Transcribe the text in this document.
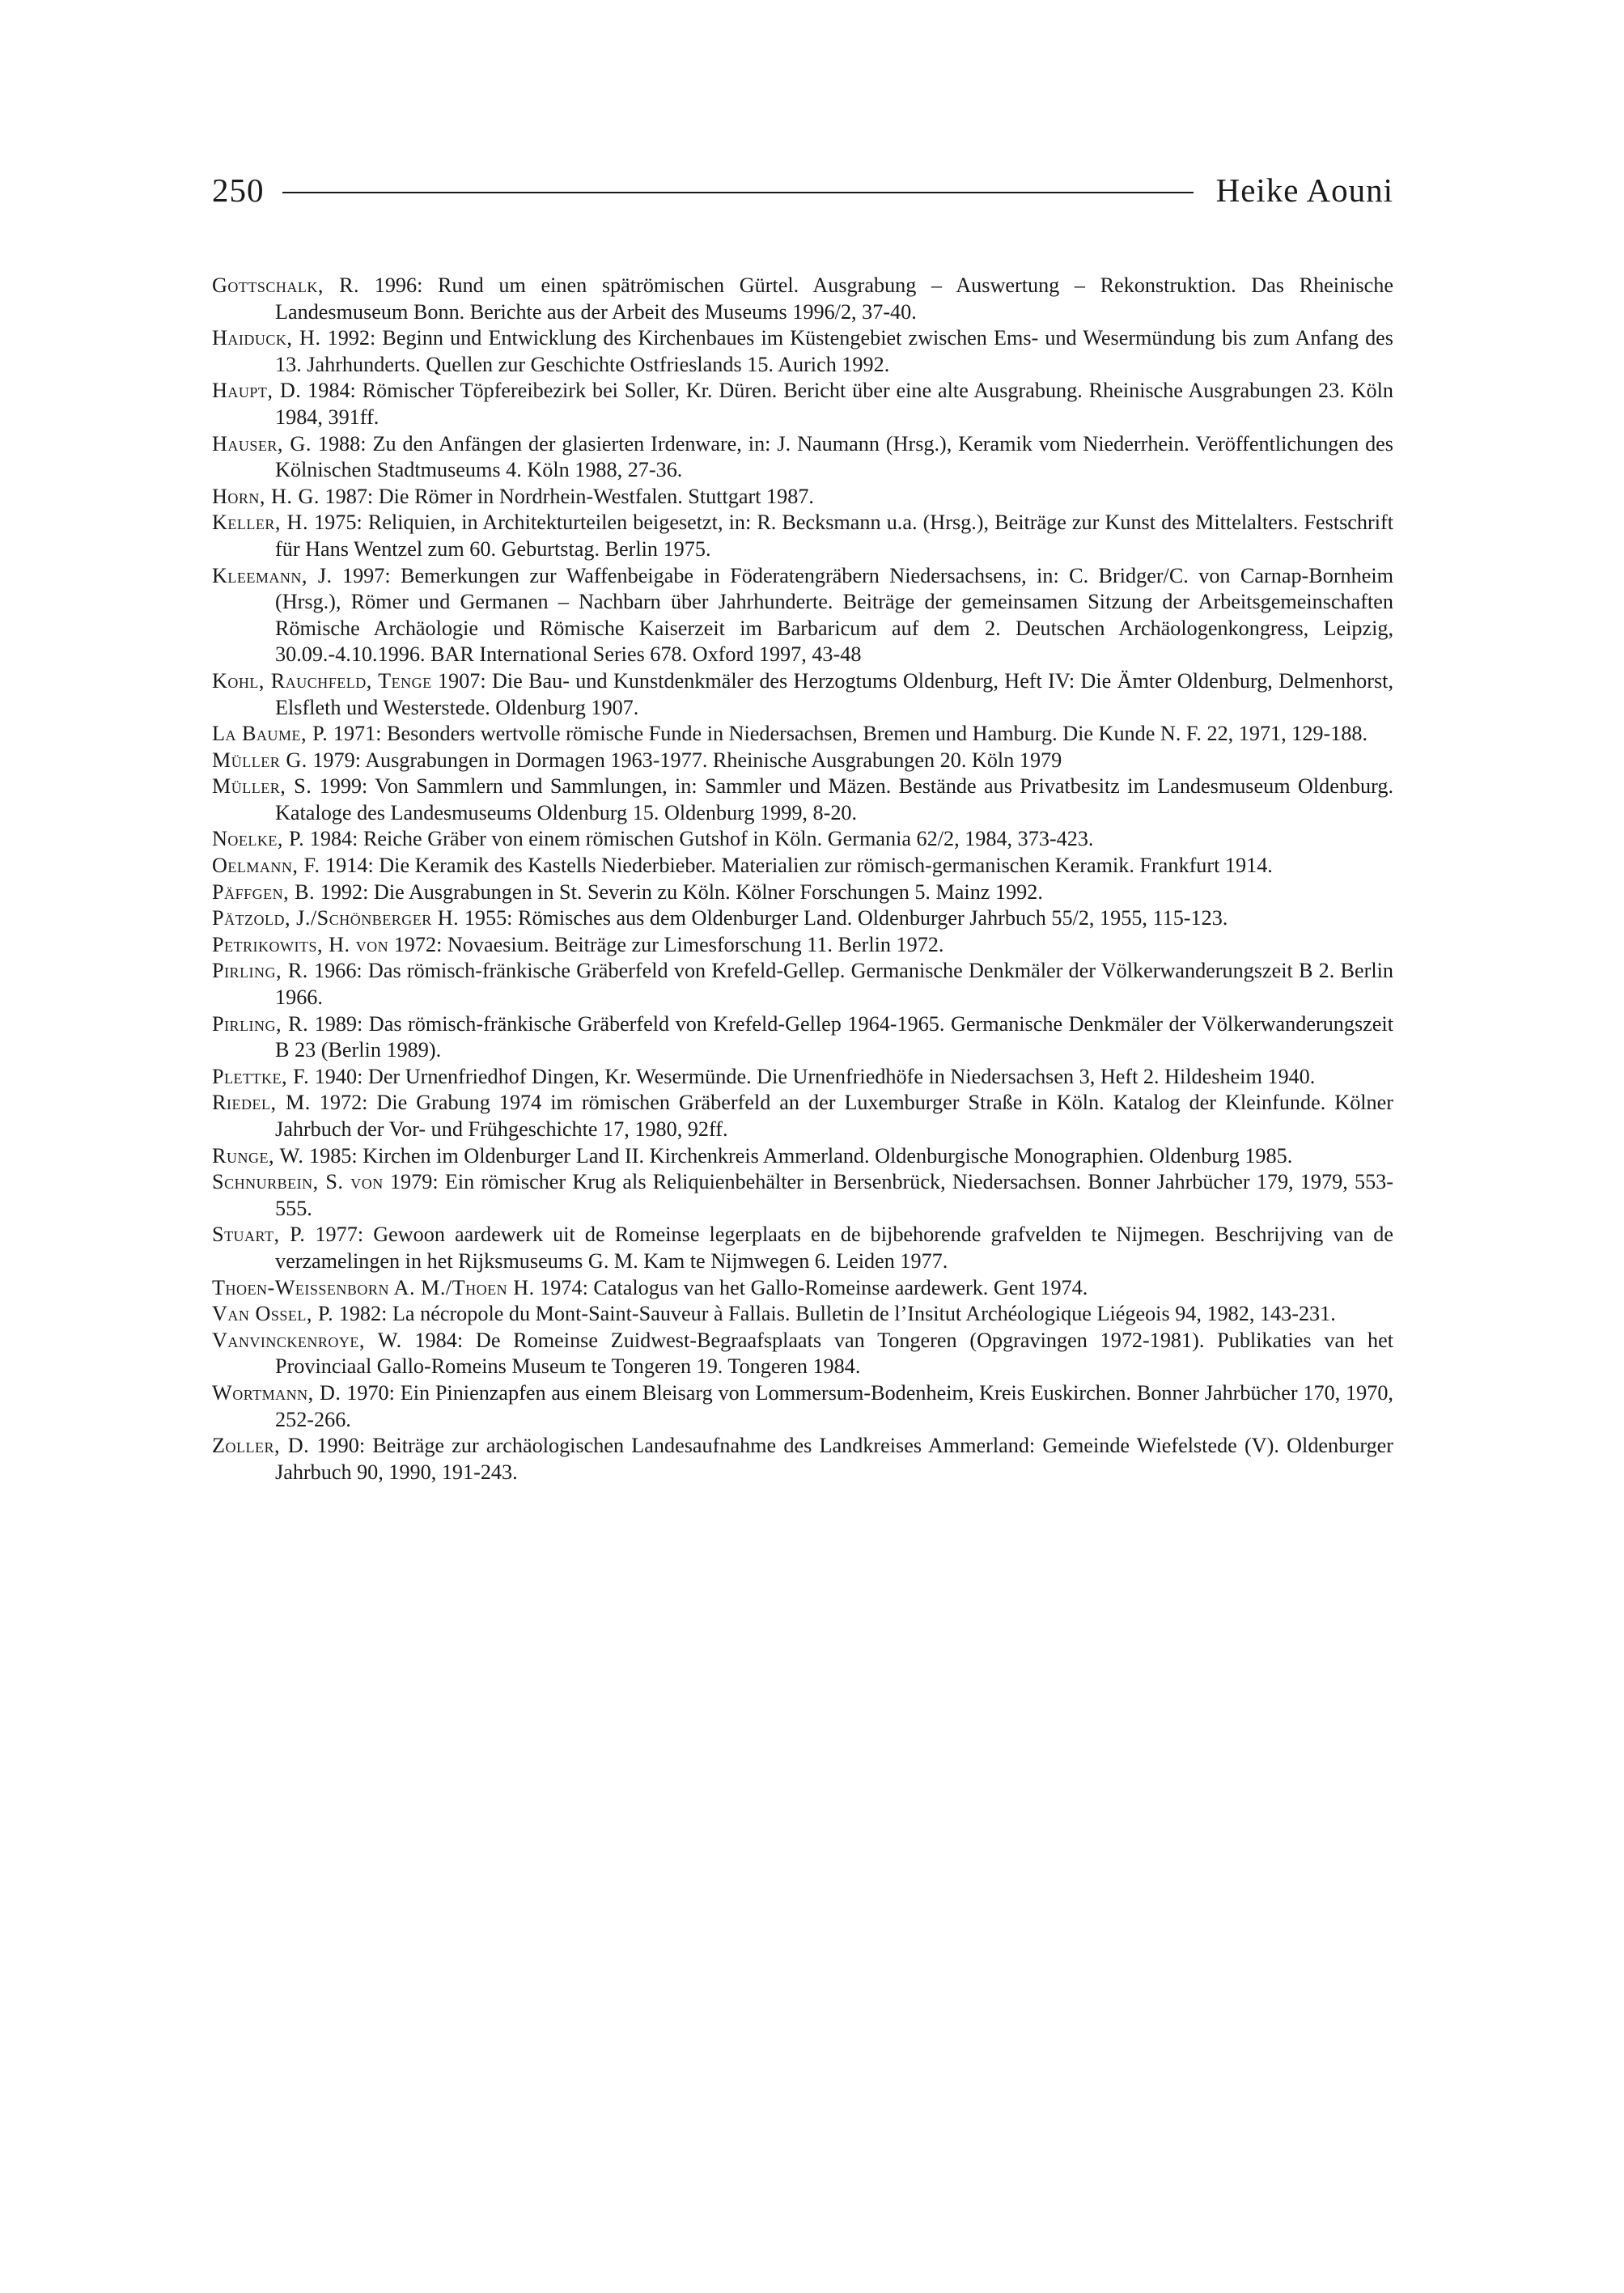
250	Heike Aouni

Gottschalk, R. 1996: Rund um einen spätrömischen Gürtel. Ausgrabung – Auswertung – Rekonstruktion. Das Rheinische Landesmuseum Bonn. Berichte aus der Arbeit des Museums 1996/2, 37-40.

Haiduck, H. 1992: Beginn und Entwicklung des Kirchenbaues im Küstengebiet zwischen Ems- und Wesermündung bis zum Anfang des 13. Jahrhunderts. Quellen zur Geschichte Ostfrieslands 15. Aurich 1992.

Haupt, D. 1984: Römischer Töpfereibezirk bei Soller, Kr. Düren. Bericht über eine alte Ausgrabung. Rheinische Ausgrabungen 23. Köln 1984, 391ff.

Hauser, G. 1988: Zu den Anfängen der glasierten Irdenware, in: J. Naumann (Hrsg.), Keramik vom Niederrhein. Veröffentlichungen des Kölnischen Stadtmuseums 4. Köln 1988, 27-36.

Horn, H. G. 1987: Die Römer in Nordrhein-Westfalen. Stuttgart 1987.

Keller, H. 1975: Reliquien, in Architekturteilen beigesetzt, in: R. Becksmann u.a. (Hrsg.), Beiträge zur Kunst des Mittelalters. Festschrift für Hans Wentzel zum 60. Geburtstag. Berlin 1975.

Kleemann, J. 1997: Bemerkungen zur Waffenbeigabe in Föderatengräbern Niedersachsens, in: C. Bridger/C. von Carnap-Bornheim (Hrsg.), Römer und Germanen – Nachbarn über Jahrhunderte. Beiträge der gemeinsamen Sitzung der Arbeitsgemeinschaften Römische Archäologie und Römische Kaiserzeit im Barbaricum auf dem 2. Deutschen Archäologenkongress, Leipzig, 30.09.-4.10.1996. BAR International Series 678. Oxford 1997, 43-48

Kohl, Rauchfeld, Tenge 1907: Die Bau- und Kunstdenkmäler des Herzogtums Oldenburg, Heft IV: Die Ämter Oldenburg, Delmenhorst, Elsfleth und Westerstede. Oldenburg 1907.

La Baume, P. 1971: Besonders wertvolle römische Funde in Niedersachsen, Bremen und Hamburg. Die Kunde N. F. 22, 1971, 129-188.

Müller G. 1979: Ausgrabungen in Dormagen 1963-1977. Rheinische Ausgrabungen 20. Köln 1979

Müller, S. 1999: Von Sammlern und Sammlungen, in: Sammler und Mäzen. Bestände aus Privatbesitz im Landesmuseum Oldenburg. Kataloge des Landesmuseums Oldenburg 15. Oldenburg 1999, 8-20.

Noelke, P. 1984: Reiche Gräber von einem römischen Gutshof in Köln. Germania 62/2, 1984, 373-423.

Oelmann, F. 1914: Die Keramik des Kastells Niederbieber. Materialien zur römisch-germanischen Keramik. Frankfurt 1914.

Päffgen, B. 1992: Die Ausgrabungen in St. Severin zu Köln. Kölner Forschungen 5. Mainz 1992.

Pätzold, J./Schönberger H. 1955: Römisches aus dem Oldenburger Land. Oldenburger Jahrbuch 55/2, 1955, 115-123.

Petrikowits, H. von 1972: Novaesium. Beiträge zur Limesforschung 11. Berlin 1972.

Pirling, R. 1966: Das römisch-fränkische Gräberfeld von Krefeld-Gellep. Germanische Denkmäler der Völkerwanderungszeit B 2. Berlin 1966.

Pirling, R. 1989: Das römisch-fränkische Gräberfeld von Krefeld-Gellep 1964-1965. Germanische Denkmäler der Völkerwanderungszeit B 23 (Berlin 1989).

Plettke, F. 1940: Der Urnenfriedhof Dingen, Kr. Wesermünde. Die Urnenfriedhöfe in Niedersachsen 3, Heft 2. Hildesheim 1940.

Riedel, M. 1972: Die Grabung 1974 im römischen Gräberfeld an der Luxemburger Straße in Köln. Katalog der Kleinfunde. Kölner Jahrbuch der Vor- und Frühgeschichte 17, 1980, 92ff.

Runge, W. 1985: Kirchen im Oldenburger Land II. Kirchenkreis Ammerland. Oldenburgische Monographien. Oldenburg 1985.

Schnurbein, S. von 1979: Ein römischer Krug als Reliquienbehälter in Bersenbrück, Niedersachsen. Bonner Jahrbücher 179, 1979, 553-555.

Stuart, P. 1977: Gewoon aardewerk uit de Romeinse legerplaats en de bijbehorende grafvelden te Nijmegen. Beschrijving van de verzamelingen in het Rijksmuseums G. M. Kam te Nijmwegen 6. Leiden 1977.

Thoen-Weissenborn A. M./Thoen H. 1974: Catalogus van het Gallo-Romeinse aardewerk. Gent 1974.

Van Ossel, P. 1982: La nécropole du Mont-Saint-Sauveur à Fallais. Bulletin de l’Insitut Archéologique Liégeois 94, 1982, 143-231.

Vanvinckenroye, W. 1984: De Romeinse Zuidwest-Begraafsplaats van Tongeren (Opgravingen 1972-1981). Publikaties van het Provinciaal Gallo-Romeins Museum te Tongeren 19. Tongeren 1984.

Wortmann, D. 1970: Ein Pinienzapfen aus einem Bleisarg von Lommersum-Bodenheim, Kreis Euskirchen. Bonner Jahrbücher 170, 1970, 252-266.

Zoller, D. 1990: Beiträge zur archäologischen Landesaufnahme des Landkreises Ammerland: Gemeinde Wiefelstede (V). Oldenburger Jahrbuch 90, 1990, 191-243.
